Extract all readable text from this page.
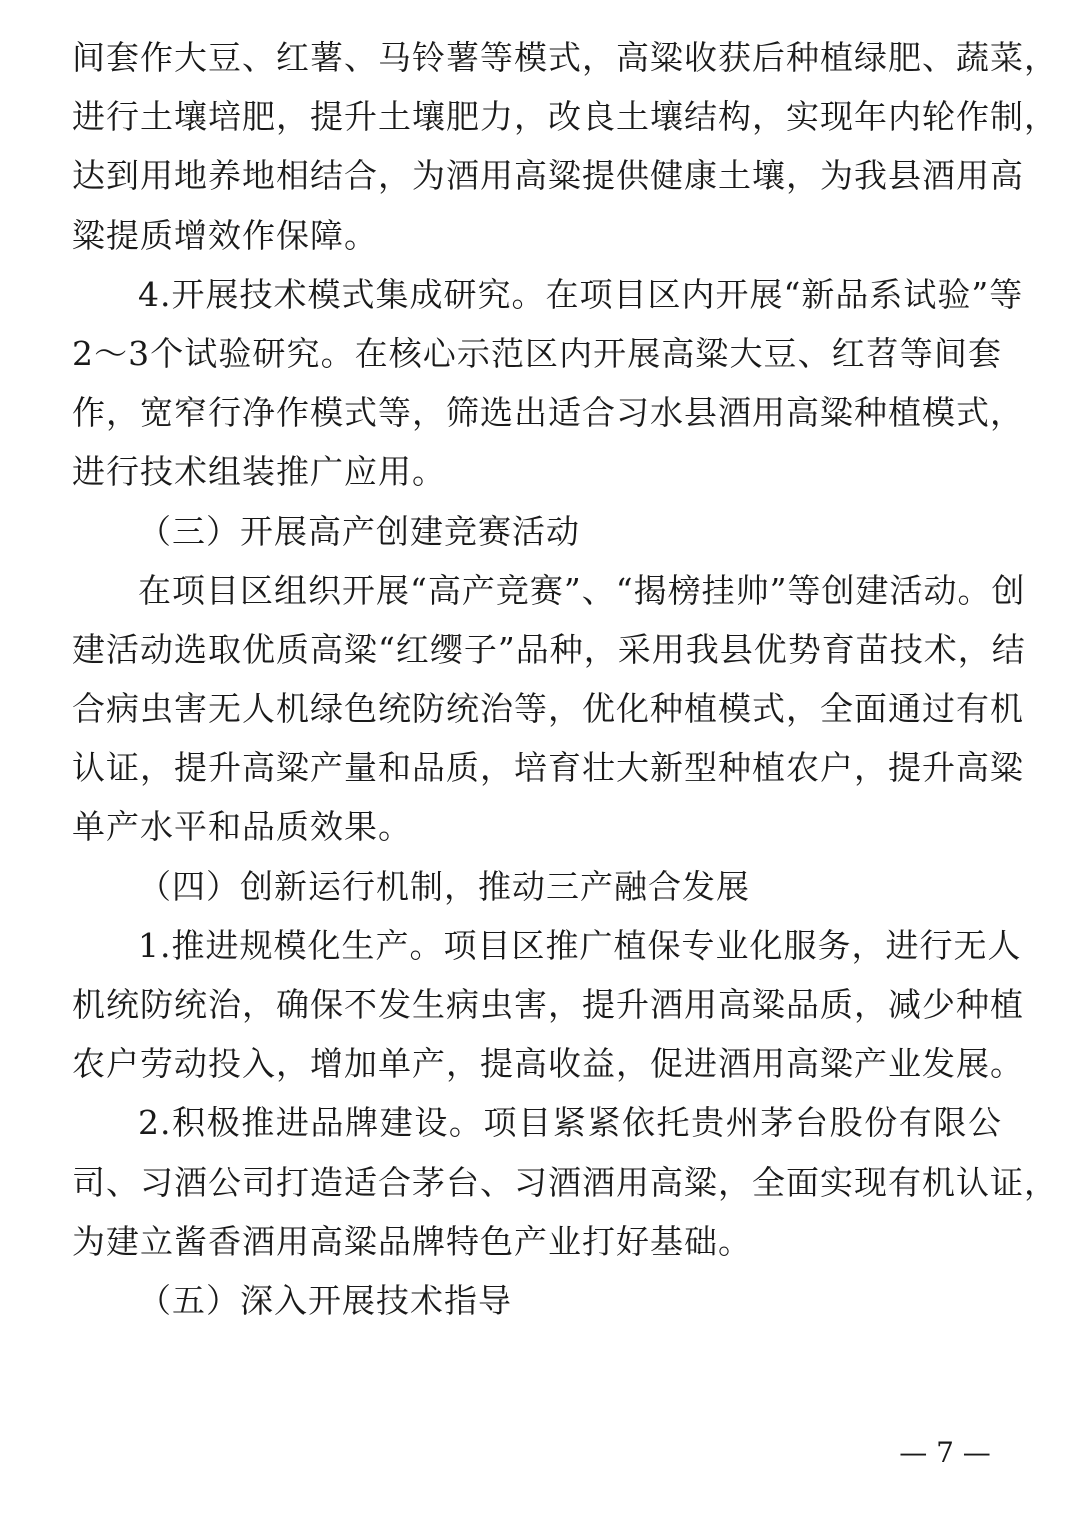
间套作大豆、红薯、马铃薯等模式，高粱收获后种植绿肥、蔬菜，
进行土壤培肥，提升土壤肥力，改良土壤结构，实现年内轮作制，
达到用地养地相结合，为酒用高粱提供健康土壤，为我县酒用高
粱提质增效作保障。
4.开展技术模式集成研究。在项目区内开展“新品系试验”等
2～3个试验研究。在核心示范区内开展高粱大豆、红苕等间套
作，宽窄行净作模式等，筛选出适合习水县酒用高粱种植模式，
进行技术组装推广应用。
（三）开展高产创建竞赛活动
在项目区组织开展“高产竞赛”、“揭榜挂帅”等创建活动。创
建活动选取优质高粱“红缨子”品种，采用我县优势育苗技术，结
合病虫害无人机绿色统防统治等，优化种植模式，全面通过有机
认证，提升高粱产量和品质，培育壮大新型种植农户，提升高粱
单产水平和品质效果。
（四）创新运行机制，推动三产融合发展
1.推进规模化生产。项目区推广植保专业化服务，进行无人
机统防统治，确保不发生病虫害，提升酒用高粱品质，减少种植
农户劳动投入，增加单产，提高收益，促进酒用高粱产业发展。
2.积极推进品牌建设。项目紧紧依托贵州茅台股份有限公
司、习酒公司打造适合茅台、习酒酒用高粱，全面实现有机认证，
为建立酱香酒用高粱品牌特色产业打好基础。
（五）深入开展技术指导
— 7 —
